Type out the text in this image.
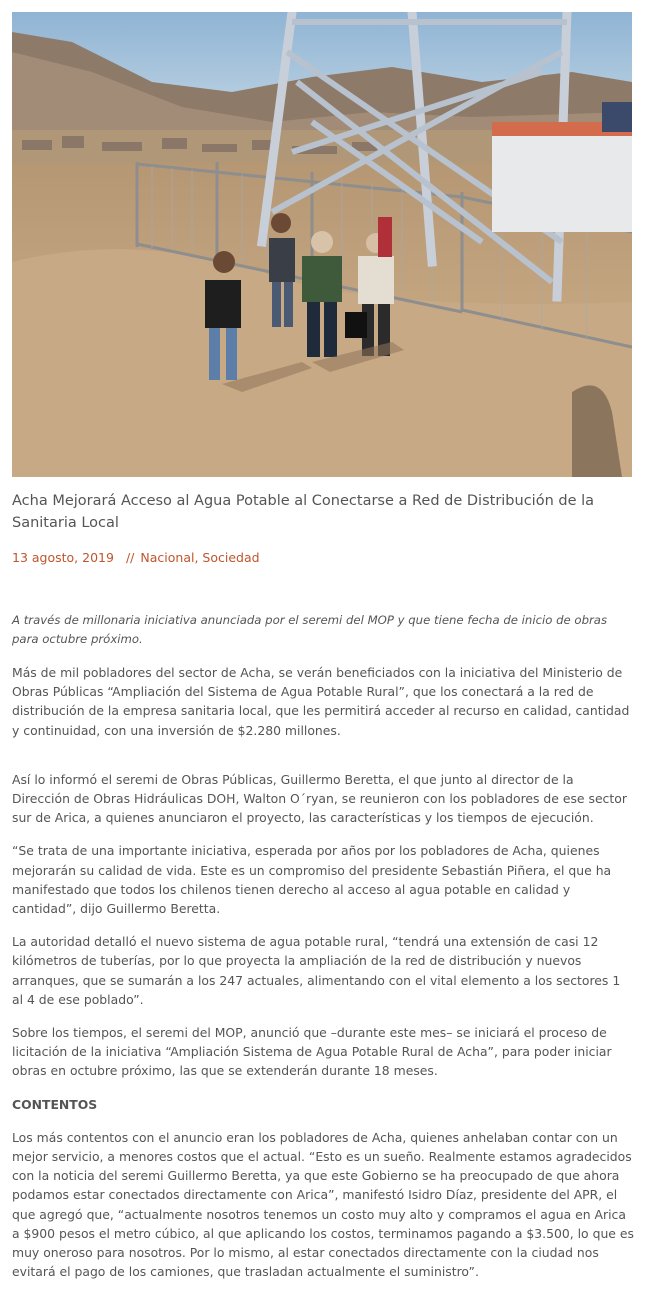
Acha Mejorará Acceso al Agua Potable al Conectarse a Red de Distribución de la Sanitaria Local
13 agosto, 2019 // Nacional, Sociedad

A través de millonaria iniciativa anunciada por el seremi del MOP y que tiene fecha de inicio de obras para octubre próximo.

Más de mil pobladores del sector de Acha, se verán beneficiados con la iniciativa del Ministerio de Obras Públicas “Ampliación del Sistema de Agua Potable Rural”, que los conectará a la red de distribución de la empresa sanitaria local, que les permitirá acceder al recurso en calidad, cantidad y continuidad, con una inversión de $2.280 millones.

Así lo informó el seremi de Obras Públicas, Guillermo Beretta, el que junto al director de la Dirección de Obras Hidráulicas DOH, Walton O´ryan, se reunieron con los pobladores de ese sector sur de Arica, a quienes anunciaron el proyecto, las características y los tiempos de ejecución.

“Se trata de una importante iniciativa, esperada por años por los pobladores de Acha, quienes mejorarán su calidad de vida. Este es un compromiso del presidente Sebastián Piñera, el que ha manifestado que todos los chilenos tienen derecho al acceso al agua potable en calidad y cantidad”, dijo Guillermo Beretta.

La autoridad detalló el nuevo sistema de agua potable rural, “tendrá una extensión de casi 12 kilómetros de tuberías, por lo que proyecta la ampliación de la red de distribución y nuevos arranques, que se sumarán a los 247 actuales, alimentando con el vital elemento a los sectores 1 al 4 de ese poblado”.

Sobre los tiempos, el seremi del MOP, anunció que –durante este mes– se iniciará el proceso de licitación de la iniciativa “Ampliación Sistema de Agua Potable Rural de Acha”, para poder iniciar obras en octubre próximo, las que se extenderán durante 18 meses.

CONTENTOS

Los más contentos con el anuncio eran los pobladores de Acha, quienes anhelaban contar con un mejor servicio, a menores costos que el actual. “Esto es un sueño. Realmente estamos agradecidos con la noticia del seremi Guillermo Beretta, ya que este Gobierno se ha preocupado de que ahora podamos estar conectados directamente con Arica”, manifestó Isidro Díaz, presidente del APR, el que agregó que, “actualmente nosotros tenemos un costo muy alto y compramos el agua en Arica a $900 pesos el metro cúbico, al que aplicando los costos, terminamos pagando a $3.500, lo que es muy oneroso para nosotros. Por lo mismo, al estar conectados directamente con la ciudad nos evitará el pago de los camiones, que trasladan actualmente el suministro”.
